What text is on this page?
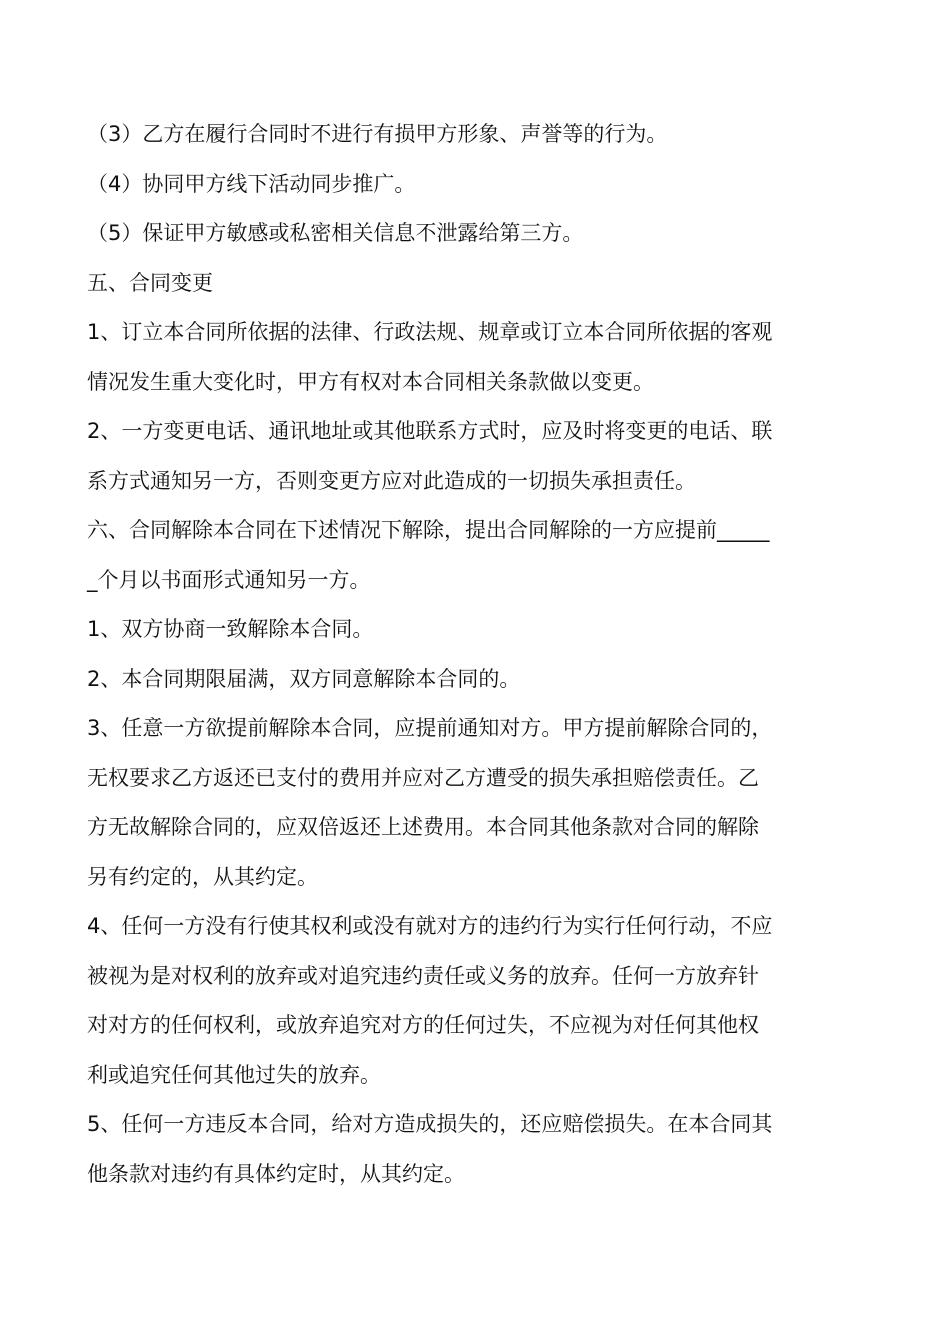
（3）乙方在履行合同时不进行有损甲方形象、声誉等的行为。

（4）协同甲方线下活动同步推广。

（5）保证甲方敏感或私密相关信息不泄露给第三方。

五、合同变更

1、订立本合同所依据的法律、行政法规、规章或订立本合同所依据的客观

情况发生重大变化时，甲方有权对本合同相关条款做以变更。

2、一方变更电话、通讯地址或其他联系方式时，应及时将变更的电话、联

系方式通知另一方，否则变更方应对此造成的一切损失承担责任。

六、合同解除本合同在下述情况下解除，提出合同解除的一方应提前_____

_个月以书面形式通知另一方。

1、双方协商一致解除本合同。

2、本合同期限届满，双方同意解除本合同的。

3、任意一方欲提前解除本合同，应提前通知对方。甲方提前解除合同的，

无权要求乙方返还已支付的费用并应对乙方遭受的损失承担赔偿责任。乙

方无故解除合同的，应双倍返还上述费用。本合同其他条款对合同的解除

另有约定的，从其约定。

4、任何一方没有行使其权利或没有就对方的违约行为实行任何行动，不应

被视为是对权利的放弃或对追究违约责任或义务的放弃。任何一方放弃针

对对方的任何权利，或放弃追究对方的任何过失，不应视为对任何其他权

利或追究任何其他过失的放弃。

5、任何一方违反本合同，给对方造成损失的，还应赔偿损失。在本合同其

他条款对违约有具体约定时，从其约定。
